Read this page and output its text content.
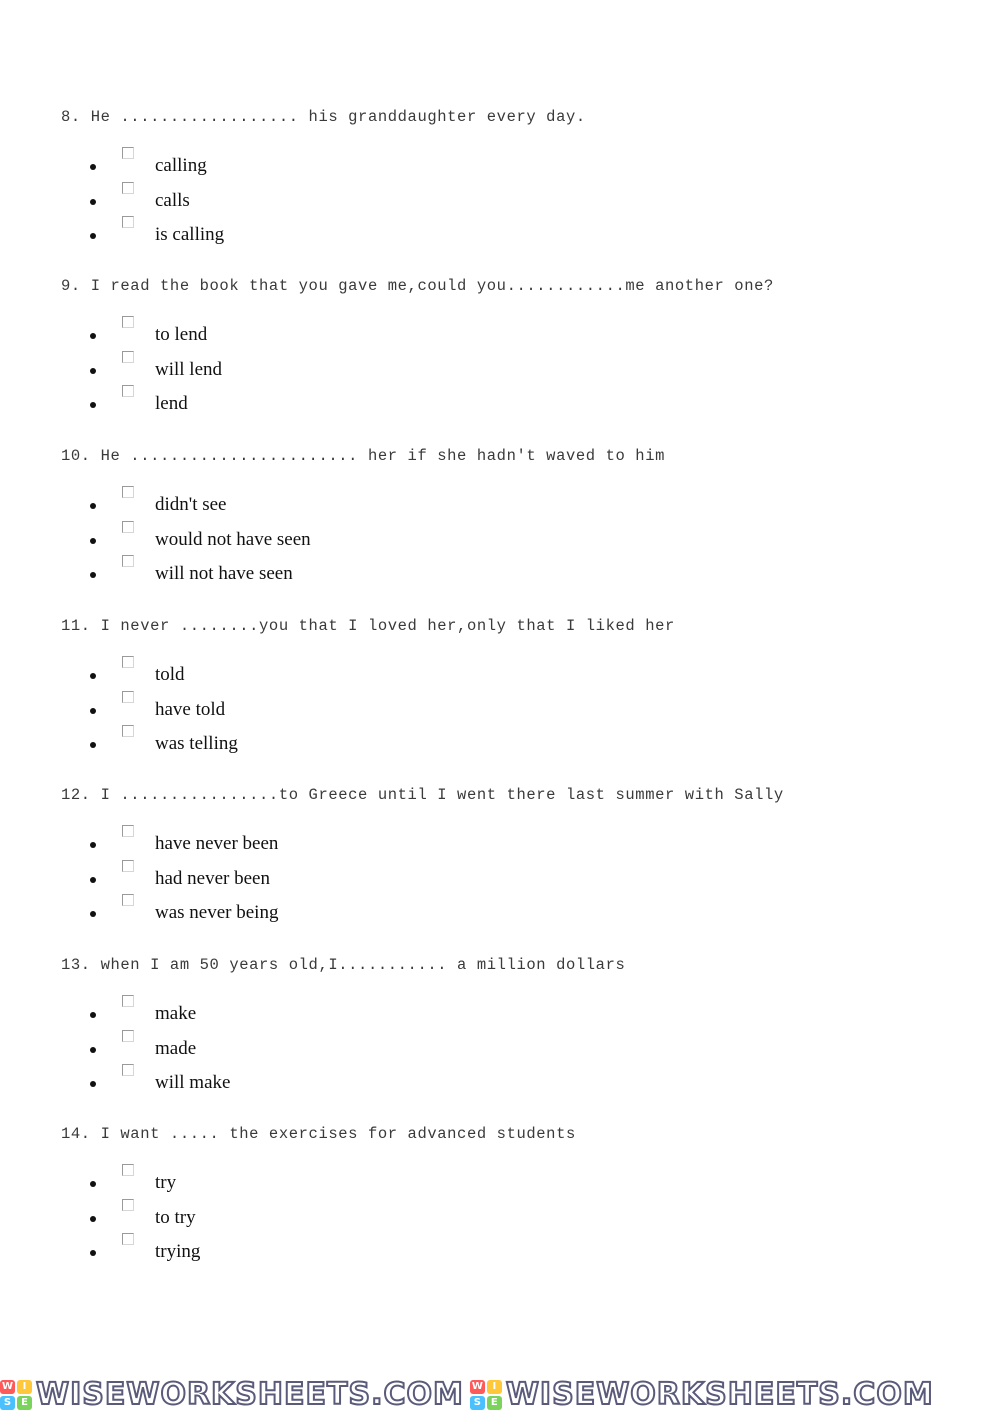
8. He .................. his granddaughter every day.
calling
calls
is calling
9. I read the book that you gave me,could you............me another one?
to lend
will lend
lend
10. He ....................... her if she hadn't waved to him
didn't see
would not have seen
will not have seen
11. I never ........you that I loved her,only that I liked her
told
have told
was telling
12. I ................to Greece until I went there last summer with Sally
have never been
had never been
was never being
13. when I am 50 years old,I........... a million dollars
make
made
will make
14. I want ..... the exercises for advanced students
try
to try
trying
W I
S E WISEWORKSHEETS.COM W I
S E WISEWORKSHEETS.COM
